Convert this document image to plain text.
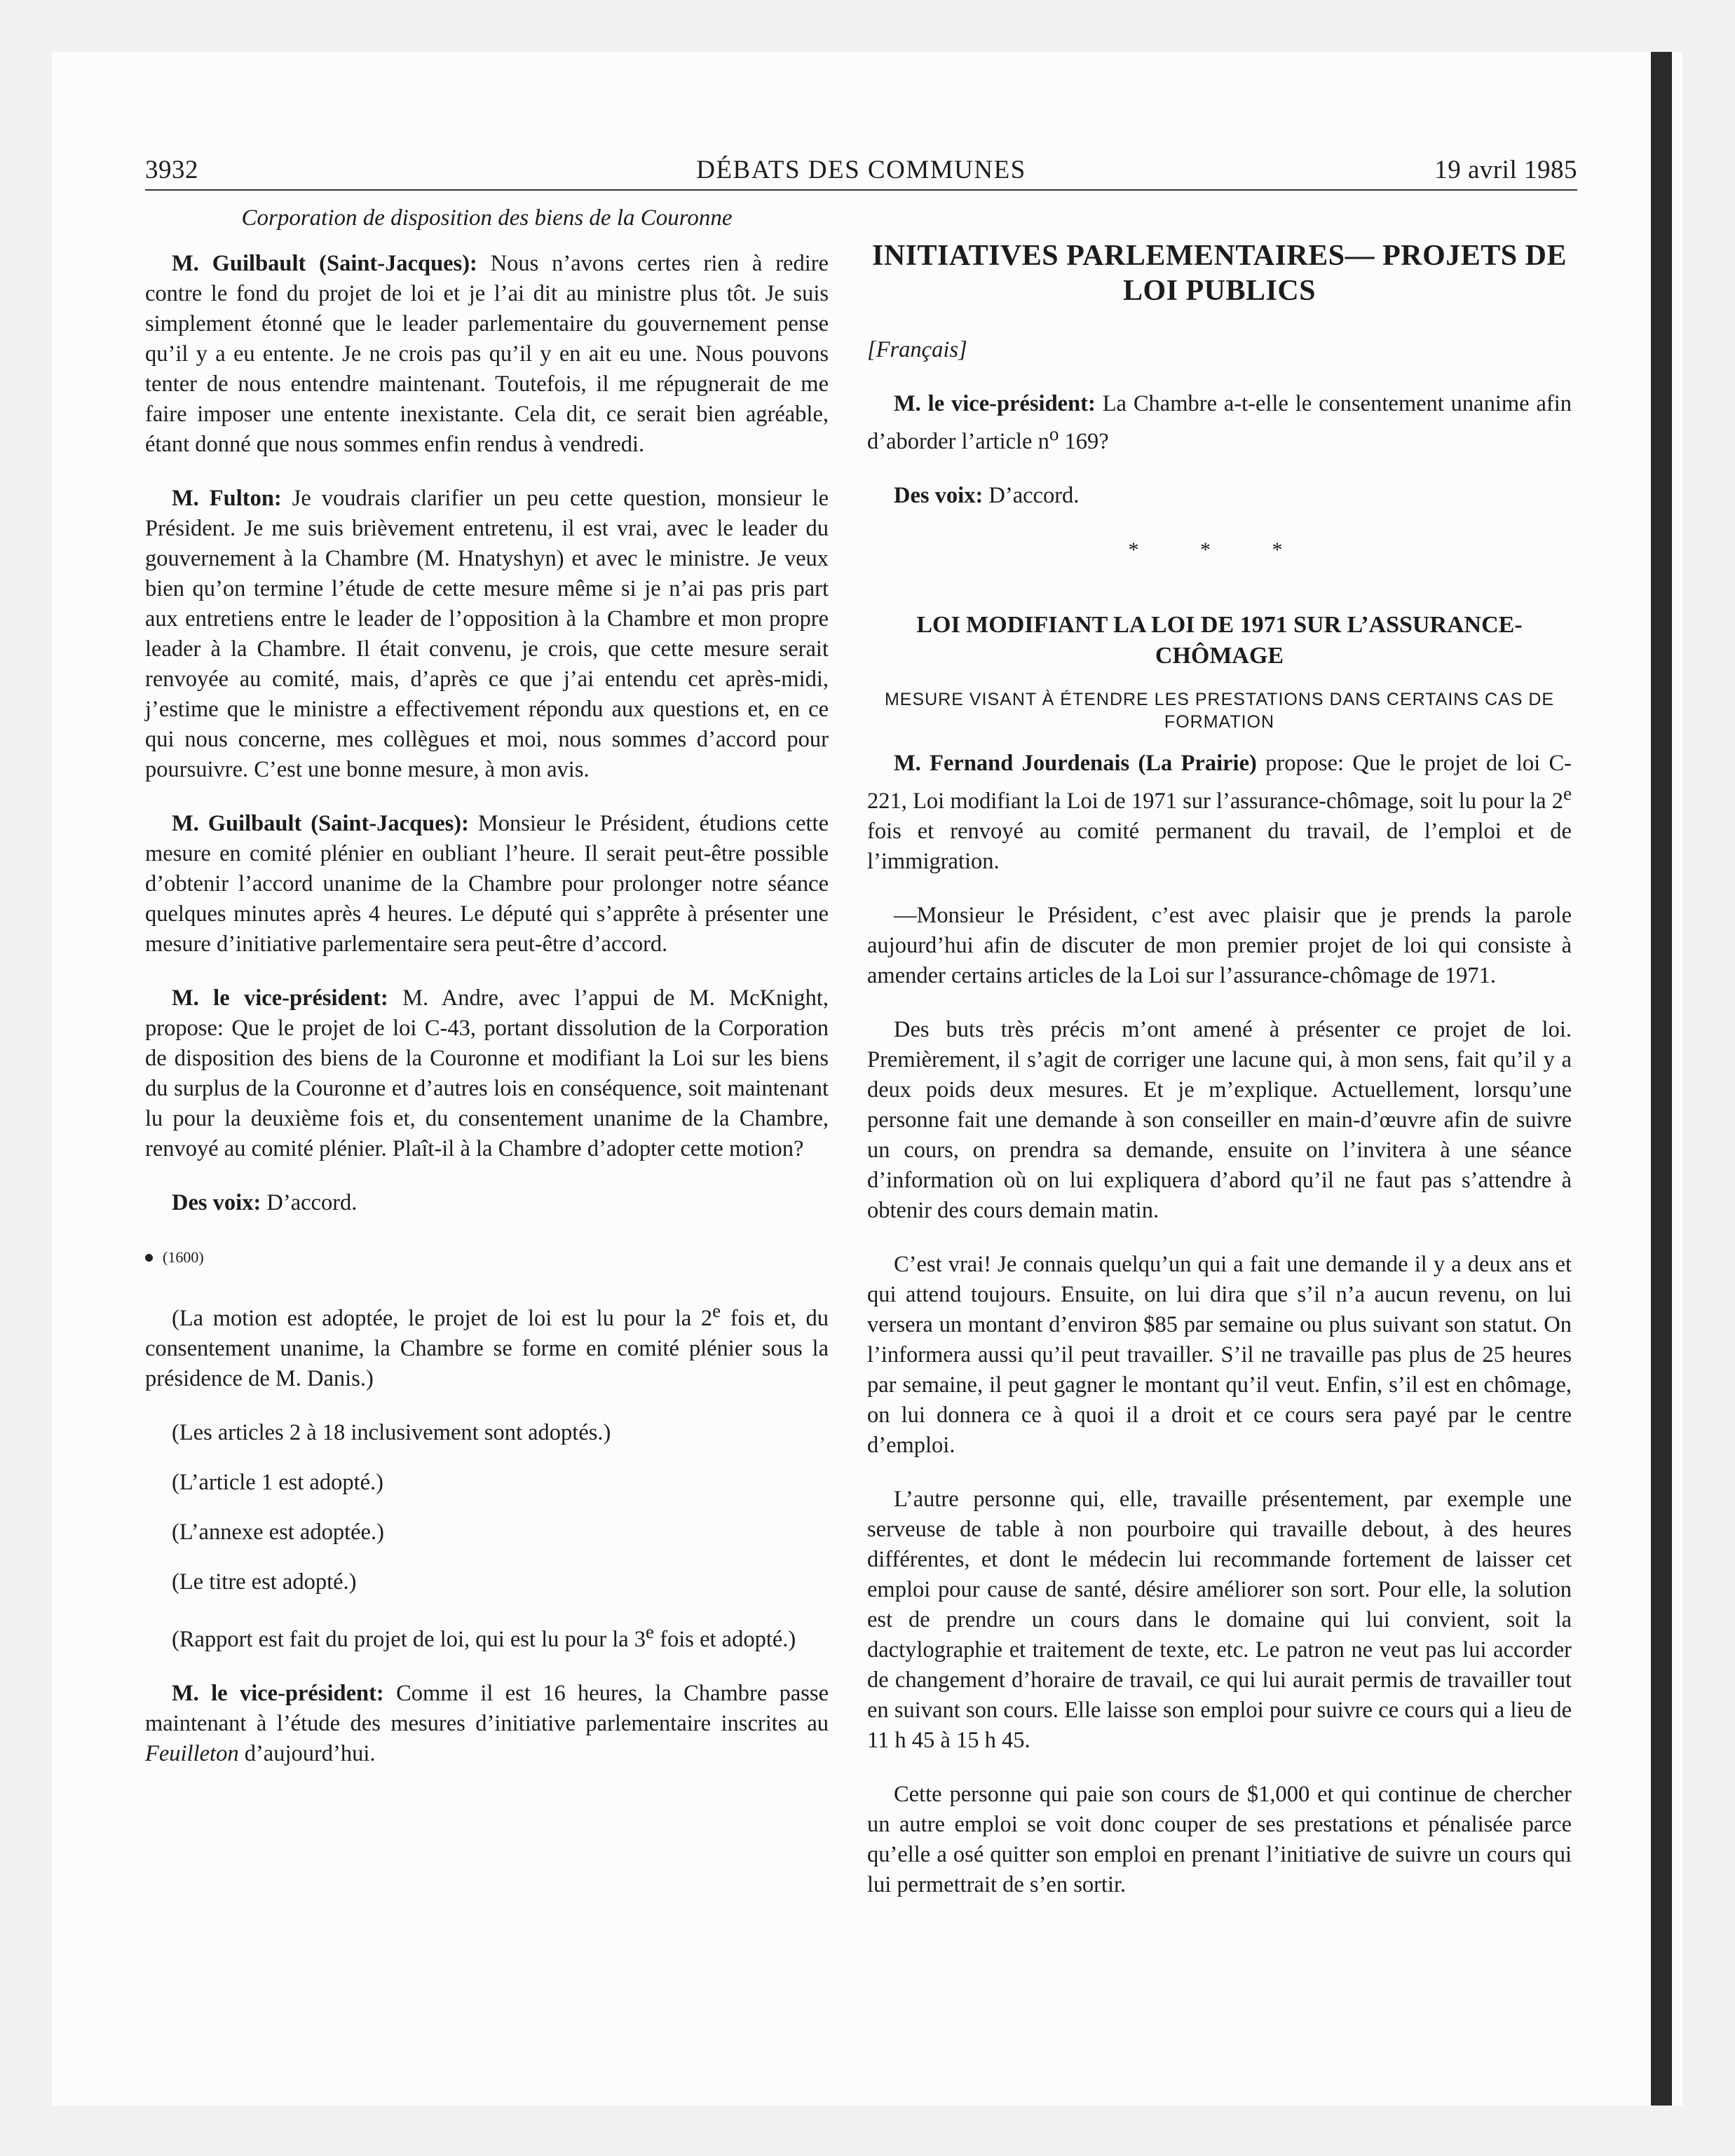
3932	DÉBATS DES COMMUNES	19 avril 1985
Corporation de disposition des biens de la Couronne

M. Guilbault (Saint-Jacques): Nous n’avons certes rien à redire contre le fond du projet de loi et je l’ai dit au ministre plus tôt. Je suis simplement étonné que le leader parlementaire du gouvernement pense qu’il y a eu entente. Je ne crois pas qu’il y en ait eu une. Nous pouvons tenter de nous entendre maintenant. Toutefois, il me répugnerait de me faire imposer une entente inexistante. Cela dit, ce serait bien agréable, étant donné que nous sommes enfin rendus à vendredi.

M. Fulton: Je voudrais clarifier un peu cette question, monsieur le Président. Je me suis brièvement entretenu, il est vrai, avec le leader du gouvernement à la Chambre (M. Hnatyshyn) et avec le ministre. Je veux bien qu’on termine l’étude de cette mesure même si je n’ai pas pris part aux entretiens entre le leader de l’opposition à la Chambre et mon propre leader à la Chambre. Il était convenu, je crois, que cette mesure serait renvoyée au comité, mais, d’après ce que j’ai entendu cet après-midi, j’estime que le ministre a effectivement répondu aux questions et, en ce qui nous concerne, mes collègues et moi, nous sommes d’accord pour poursuivre. C’est une bonne mesure, à mon avis.

M. Guilbault (Saint-Jacques): Monsieur le Président, étudions cette mesure en comité plénier en oubliant l’heure. Il serait peut-être possible d’obtenir l’accord unanime de la Chambre pour prolonger notre séance quelques minutes après 4 heures. Le député qui s’apprête à présenter une mesure d’initiative parlementaire sera peut-être d’accord.

M. le vice-président: M. Andre, avec l’appui de M. McKnight, propose: Que le projet de loi C-43, portant dissolution de la Corporation de disposition des biens de la Couronne et modifiant la Loi sur les biens du surplus de la Couronne et d’autres lois en conséquence, soit maintenant lu pour la deuxième fois et, du consentement unanime de la Chambre, renvoyé au comité plénier. Plaît-il à la Chambre d’adopter cette motion?

Des voix: D’accord.

(1600)

(La motion est adoptée, le projet de loi est lu pour la 2e fois et, du consentement unanime, la Chambre se forme en comité plénier sous la présidence de M. Danis.)

(Les articles 2 à 18 inclusivement sont adoptés.)

(L’article 1 est adopté.)

(L’annexe est adoptée.)

(Le titre est adopté.)

(Rapport est fait du projet de loi, qui est lu pour la 3e fois et adopté.)

M. le vice-président: Comme il est 16 heures, la Chambre passe maintenant à l’étude des mesures d’initiative parlementaire inscrites au Feuilleton d’aujourd’hui.

INITIATIVES PARLEMENTAIRES— PROJETS DE LOI PUBLICS

[Français]

M. le vice-président: La Chambre a-t-elle le consentement unanime afin d’aborder l’article $n^o$ 169?

Des voix: D’accord.

* * *
LOI MODIFIANT LA LOI DE 1971 SUR L’ASSURANCE-CHÔMAGE
MESURE VISANT À ÉTENDRE LES PRESTATIONS DANS CERTAINS CAS DE FORMATION

M. Fernand Jourdenais (La Prairie) propose: Que le projet de loi C-221, Loi modifiant la Loi de 1971 sur l’assurance-chômage, soit lu pour la 2e fois et renvoyé au comité permanent du travail, de l’emploi et de l’immigration.

—Monsieur le Président, c’est avec plaisir que je prends la parole aujourd’hui afin de discuter de mon premier projet de loi qui consiste à amender certains articles de la Loi sur l’assurance-chômage de 1971.

Des buts très précis m’ont amené à présenter ce projet de loi. Premièrement, il s’agit de corriger une lacune qui, à mon sens, fait qu’il y a deux poids deux mesures. Et je m’explique. Actuellement, lorsqu’une personne fait une demande à son conseiller en main-d’œuvre afin de suivre un cours, on prendra sa demande, ensuite on l’invitera à une séance d’information où on lui expliquera d’abord qu’il ne faut pas s’attendre à obtenir des cours demain matin.

C’est vrai! Je connais quelqu’un qui a fait une demande il y a deux ans et qui attend toujours. Ensuite, on lui dira que s’il n’a aucun revenu, on lui versera un montant d’environ $85 par semaine ou plus suivant son statut. On l’informera aussi qu’il peut travailler. S’il ne travaille pas plus de 25 heures par semaine, il peut gagner le montant qu’il veut. Enfin, s’il est en chômage, on lui donnera ce à quoi il a droit et ce cours sera payé par le centre d’emploi.

L’autre personne qui, elle, travaille présentement, par exemple une serveuse de table à non pourboire qui travaille debout, à des heures différentes, et dont le médecin lui recommande fortement de laisser cet emploi pour cause de santé, désire améliorer son sort. Pour elle, la solution est de prendre un cours dans le domaine qui lui convient, soit la dactylographie et traitement de texte, etc. Le patron ne veut pas lui accorder de changement d’horaire de travail, ce qui lui aurait permis de travailler tout en suivant son cours. Elle laisse son emploi pour suivre ce cours qui a lieu de 11 h 45 à 15 h 45.

Cette personne qui paie son cours de $1,000 et qui continue de chercher un autre emploi se voit donc couper de ses prestations et pénalisée parce qu’elle a osé quitter son emploi en prenant l’initiative de suivre un cours qui lui permettrait de s’en sortir.
